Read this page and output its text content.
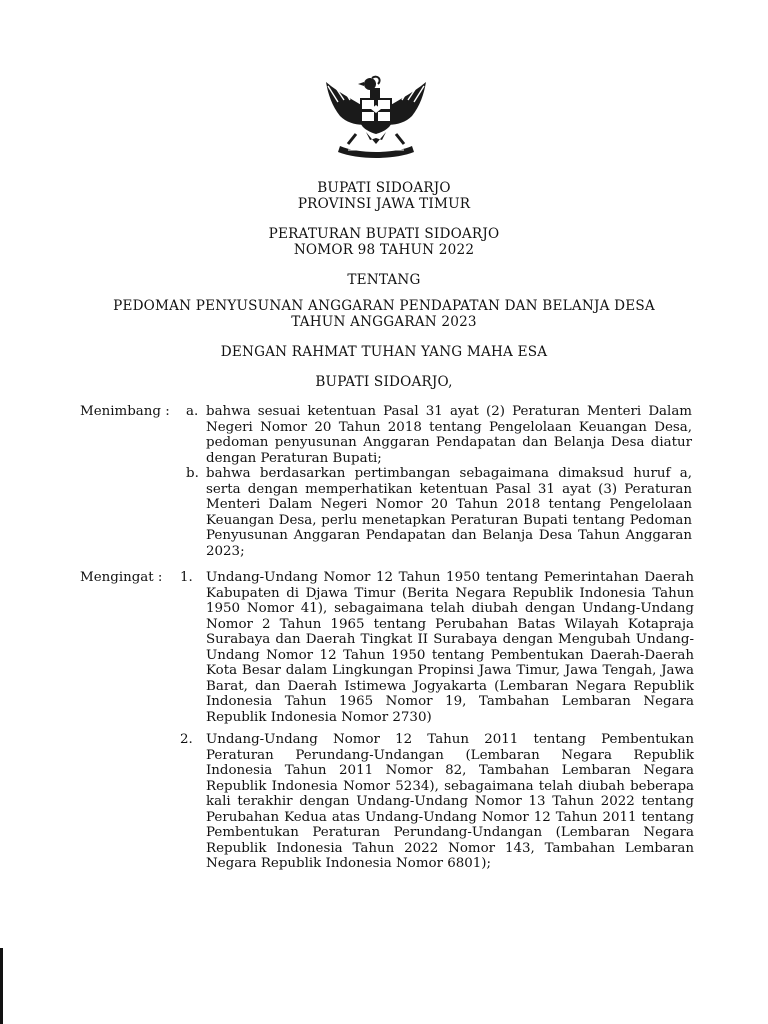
BUPATI SIDOARJO
PROVINSI JAWA TIMUR
PERATURAN BUPATI SIDOARJO
NOMOR 98 TAHUN 2022
TENTANG
PEDOMAN PENYUSUNAN ANGGARAN PENDAPATAN DAN BELANJA DESA
TAHUN ANGGARAN 2023
DENGAN RAHMAT TUHAN YANG MAHA ESA
BUPATI SIDOARJO,
Menimbang : a. bahwa sesuai ketentuan Pasal 31 ayat (2) Peraturan Menteri Dalam Negeri Nomor 20 Tahun 2018 tentang Pengelolaan Keuangan Desa, pedoman penyusunan Anggaran Pendapatan dan Belanja Desa diatur dengan Peraturan Bupati;
b. bahwa berdasarkan pertimbangan sebagaimana dimaksud huruf a, serta dengan memperhatikan ketentuan Pasal 31 ayat (3) Peraturan Menteri Dalam Negeri Nomor 20 Tahun 2018 tentang Pengelolaan Keuangan Desa, perlu menetapkan Peraturan Bupati tentang Pedoman Penyusunan Anggaran Pendapatan dan Belanja Desa Tahun Anggaran 2023;
Mengingat : 1. Undang-Undang Nomor 12 Tahun 1950 tentang Pemerintahan Daerah Kabupaten di Djawa Timur (Berita Negara Republik Indonesia Tahun 1950 Nomor 41), sebagaimana telah diubah dengan Undang-Undang Nomor 2 Tahun 1965 tentang Perubahan Batas Wilayah Kotapraja Surabaya dan Daerah Tingkat II Surabaya dengan Mengubah Undang-Undang Nomor 12 Tahun 1950 tentang Pembentukan Daerah-Daerah Kota Besar dalam Lingkungan Propinsi Jawa Timur, Jawa Tengah, Jawa Barat, dan Daerah Istimewa Jogyakarta (Lembaran Negara Republik Indonesia Tahun 1965 Nomor 19, Tambahan Lembaran Negara Republik Indonesia Nomor 2730)
2. Undang-Undang Nomor 12 Tahun 2011 tentang Pembentukan Peraturan Perundang-Undangan (Lembaran Negara Republik Indonesia Tahun 2011 Nomor 82, Tambahan Lembaran Negara Republik Indonesia Nomor 5234), sebagaimana telah diubah beberapa kali terakhir dengan Undang-Undang Nomor 13 Tahun 2022 tentang Perubahan Kedua atas Undang-Undang Nomor 12 Tahun 2011 tentang Pembentukan Peraturan Perundang-Undangan (Lembaran Negara Republik Indonesia Tahun 2022 Nomor 143, Tambahan Lembaran Negara Republik Indonesia Nomor 6801);
